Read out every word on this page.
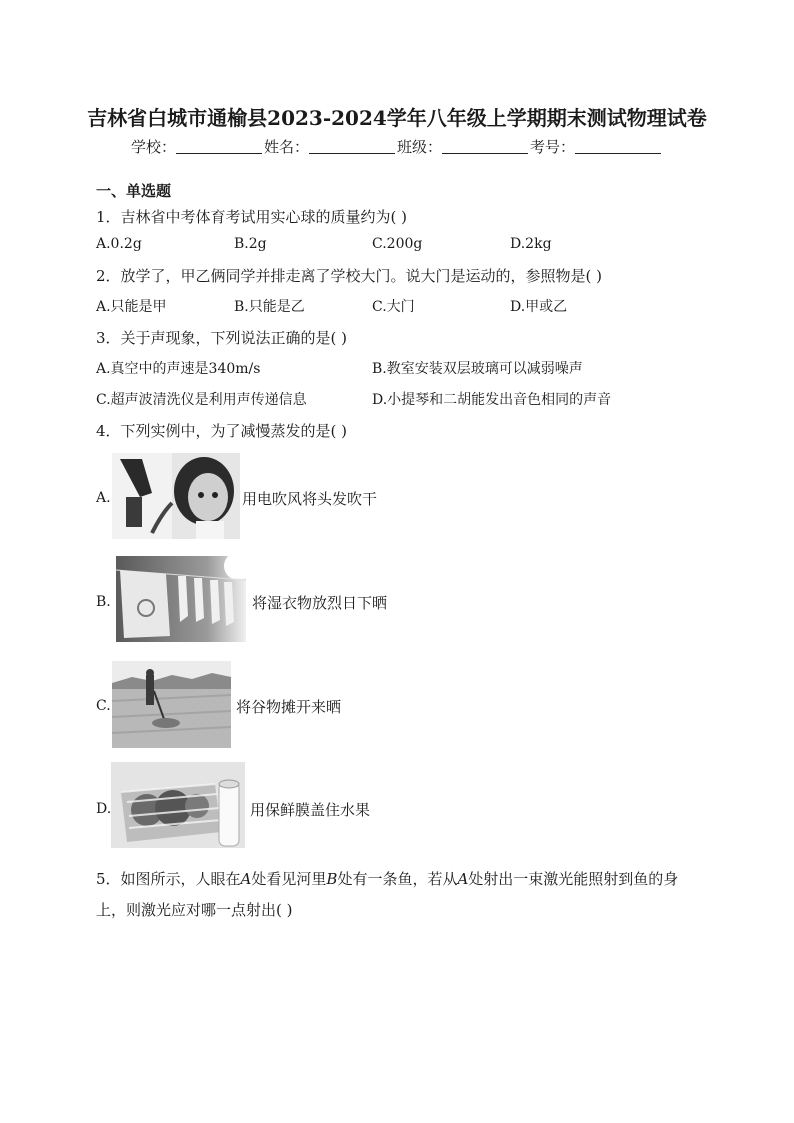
吉林省白城市通榆县2023-2024学年八年级上学期期末测试物理试卷
学校：	姓名：	班级：	考号：
一、单选题
1．吉林省中考体育考试用实心球的质量约为( )
A.0.2g	B.2g	C.200g	D.2kg
2．放学了，甲乙俩同学并排走离了学校大门。说大门是运动的，参照物是( )
A.只能是甲	B.只能是乙	C.大门	D.甲或乙
3．关于声现象，下列说法正确的是( )
A.真空中的声速是340m/s	B.教室安装双层玻璃可以减弱噪声
C.超声波清洗仪是利用声传递信息	D.小提琴和二胡能发出音色相同的声音
4．下列实例中，为了减慢蒸发的是( )
A.	用电吹风将头发吹干
B.	将湿衣物放烈日下晒
C.	将谷物摊开来晒
D.	用保鲜膜盖住水果
5．如图所示，人眼在A处看见河里B处有一条鱼，若从A处射出一束激光能照射到鱼的身上，则激光应对哪一点射出( )
